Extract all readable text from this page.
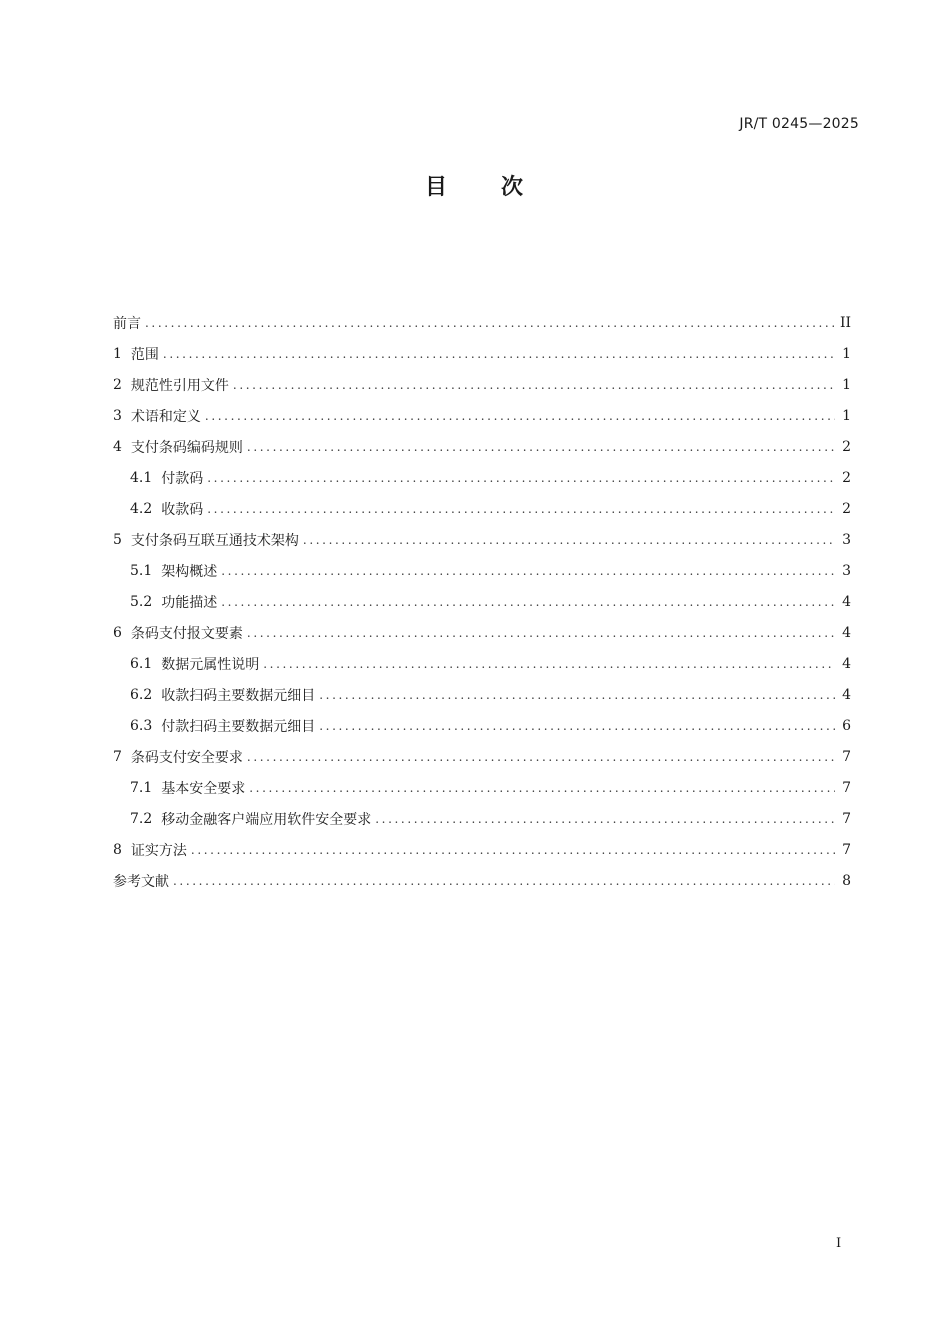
JR/T 0245—2025
目 次
前言 .....	II
1 范围 .....	1
2 规范性引用文件 .....	1
3 术语和定义 .....	1
4 支付条码编码规则 .....	2
4.1 付款码 .....	2
4.2 收款码 .....	2
5 支付条码互联互通技术架构 .....	3
5.1 架构概述 .....	3
5.2 功能描述 .....	4
6 条码支付报文要素 .....	4
6.1 数据元属性说明 .....	4
6.2 收款扫码主要数据元细目 .....	4
6.3 付款扫码主要数据元细目 .....	6
7 条码支付安全要求 .....	7
7.1 基本安全要求 .....	7
7.2 移动金融客户端应用软件安全要求 .....	7
8 证实方法 .....	7
参考文献 .....	8
I
